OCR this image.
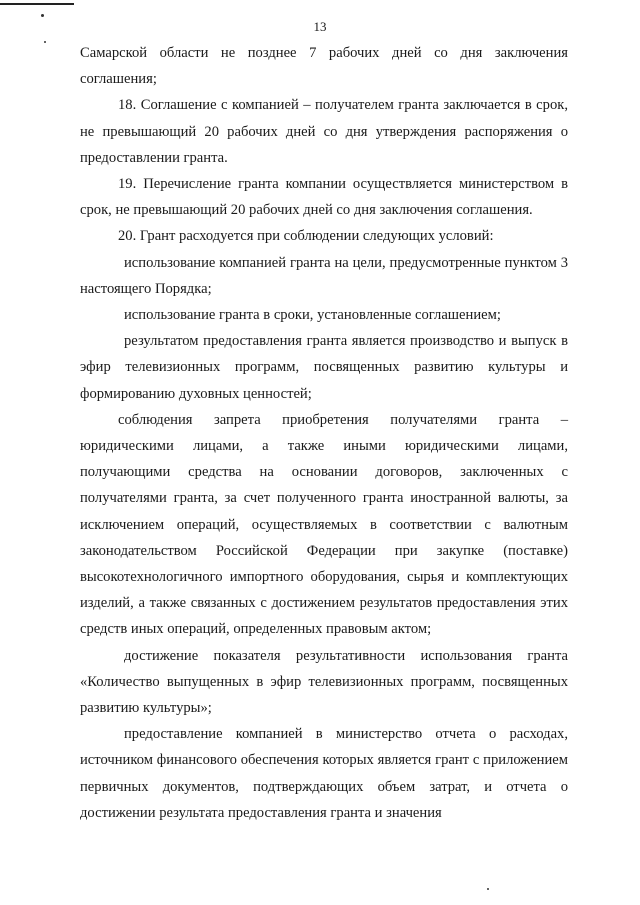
13

Самарской области не позднее 7 рабочих дней со дня заключения соглашения;

18. Соглашение с компанией – получателем гранта заключается в срок, не превышающий 20 рабочих дней со дня утверждения распоряжения о предоставлении гранта.

19. Перечисление гранта компании осуществляется министерством в срок, не превышающий 20 рабочих дней со дня заключения соглашения.

20. Грант расходуется при соблюдении следующих условий:

использование компанией гранта на цели, предусмотренные пунктом 3 настоящего Порядка;

использование гранта в сроки, установленные соглашением;

результатом предоставления гранта является производство и выпуск в эфир телевизионных программ, посвященных развитию культуры и формированию духовных ценностей;

соблюдения запрета приобретения получателями гранта – юридическими лицами, а также иными юридическими лицами, получающими средства на основании договоров, заключенных с получателями гранта, за счет полученного гранта иностранной валюты, за исключением операций, осуществляемых в соответствии с валютным законодательством Российской Федерации при закупке (поставке) высокотехнологичного импортного оборудования, сырья и комплектующих изделий, а также связанных с достижением результатов предоставления этих средств иных операций, определенных правовым актом;

достижение показателя результативности использования гранта «Количество выпущенных в эфир телевизионных программ, посвященных развитию культуры»;

предоставление компанией в министерство отчета о расходах, источником финансового обеспечения которых является грант с приложением первичных документов, подтверждающих объем затрат, и отчета о достижении результата предоставления гранта и значения
